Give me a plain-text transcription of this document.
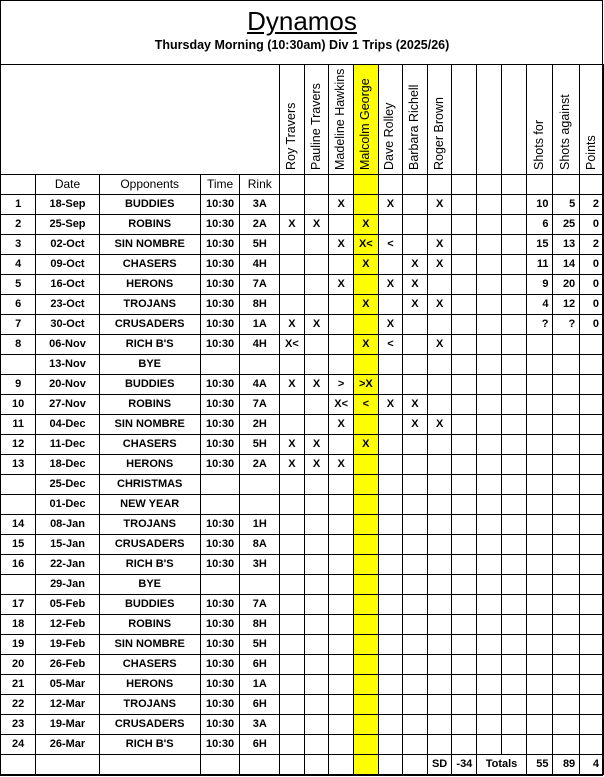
Dynamos
Thursday Morning (10:30am) Div 1 Trips (2025/26)

					Roy Travers	Pauline Travers	Madeline Hawkins	Malcolm George	Dave Rolley	Barbara Richell	Roger Brown				Shots for	Shots against	Points

	Date	Opponents	Time	Rink													
1	18-Sep	BUDDIES	10:30	3A			X		X		X				10	5	2
2	25-Sep	ROBINS	10:30	2A	X	X		X							6	25	0
3	02-Oct	SIN NOMBRE	10:30	5H			X	X<	<		X				15	13	2
4	09-Oct	CHASERS	10:30	4H				X		X	X				11	14	0
5	16-Oct	HERONS	10:30	7A			X		X	X					9	20	0
6	23-Oct	TROJANS	10:30	8H				X		X	X				4	12	0
7	30-Oct	CRUSADERS	10:30	1A	X	X			X						?	?	0
8	06-Nov	RICH B'S	10:30	4H	X<			X	<		X						
	13-Nov	BYE															
9	20-Nov	BUDDIES	10:30	4A	X	X	>	>X									
10	27-Nov	ROBINS	10:30	7A			X<	<	X	X							
11	04-Dec	SIN NOMBRE	10:30	2H			X			X	X						
12	11-Dec	CHASERS	10:30	5H	X	X		X									
13	18-Dec	HERONS	10:30	2A	X	X	X										
	25-Dec	CHRISTMAS															
	01-Dec	NEW YEAR															
14	08-Jan	TROJANS	10:30	1H													
15	15-Jan	CRUSADERS	10:30	8A													
16	22-Jan	RICH B'S	10:30	3H													
	29-Jan	BYE															
17	05-Feb	BUDDIES	10:30	7A													
18	12-Feb	ROBINS	10:30	8H													
19	19-Feb	SIN NOMBRE	10:30	5H													
20	26-Feb	CHASERS	10:30	6H													
21	05-Mar	HERONS	10:30	1A													
22	12-Mar	TROJANS	10:30	6H													
23	19-Mar	CRUSADERS	10:30	3A													
24	26-Mar	RICH B'S	10:30	6H													
											SD	-34	Totals		55	89	4
